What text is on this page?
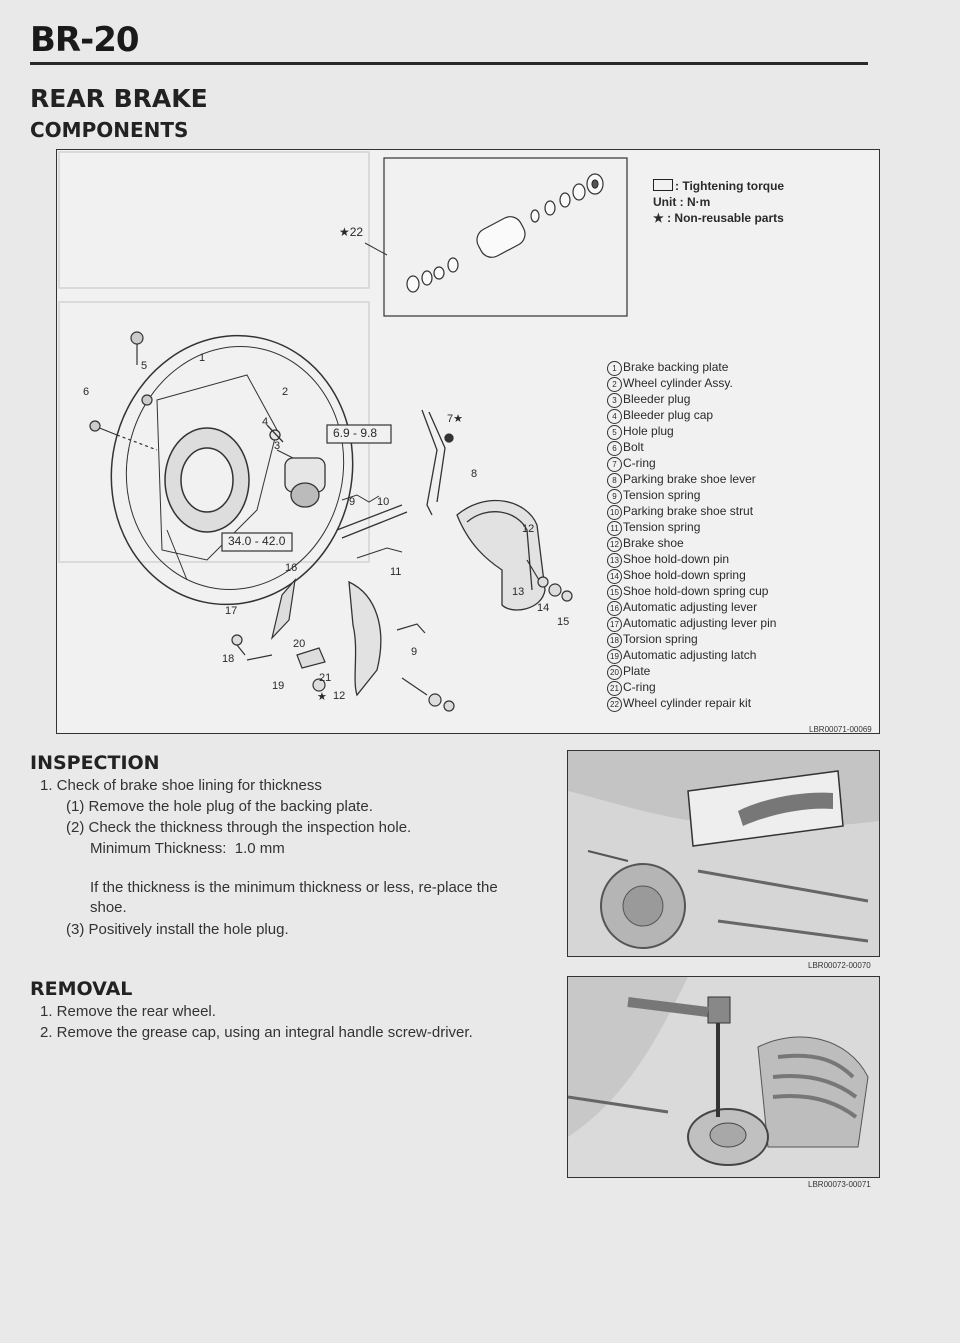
BR-20
REAR BRAKE
COMPONENTS
★22
1
2
5
6
4
3
7★
8
9 10
11
12
13
14
15
16
17
18
19
20
21
★ 12
9
6.9 - 9.8
34.0 - 42.0
: Tightening torque
Unit : N·m
★ : Non-reusable parts
1 Brake backing plate
2 Wheel cylinder Assy.
3 Bleeder plug
4 Bleeder plug cap
5 Hole plug
6 Bolt
7 C-ring
8 Parking brake shoe lever
9 Tension spring
10 Parking brake shoe strut
11 Tension spring
12 Brake shoe
13 Shoe hold-down pin
14 Shoe hold-down spring
15 Shoe hold-down spring cup
16 Automatic adjusting lever
17 Automatic adjusting lever pin
18 Torsion spring
19 Automatic adjusting latch
20 Plate
21 C-ring
22 Wheel cylinder repair kit
LBR00071-00069
INSPECTION
1. Check of brake shoe lining for thickness
(1) Remove the hole plug of the backing plate.
(2) Check the thickness through the inspection hole.
Minimum Thickness: 1.0 mm
If the thickness is the minimum thickness or less, re-place the shoe.
(3) Positively install the hole plug.
LBR00072-00070
REMOVAL
1. Remove the rear wheel.
2. Remove the grease cap, using an integral handle screw-driver.
LBR00073-00071
